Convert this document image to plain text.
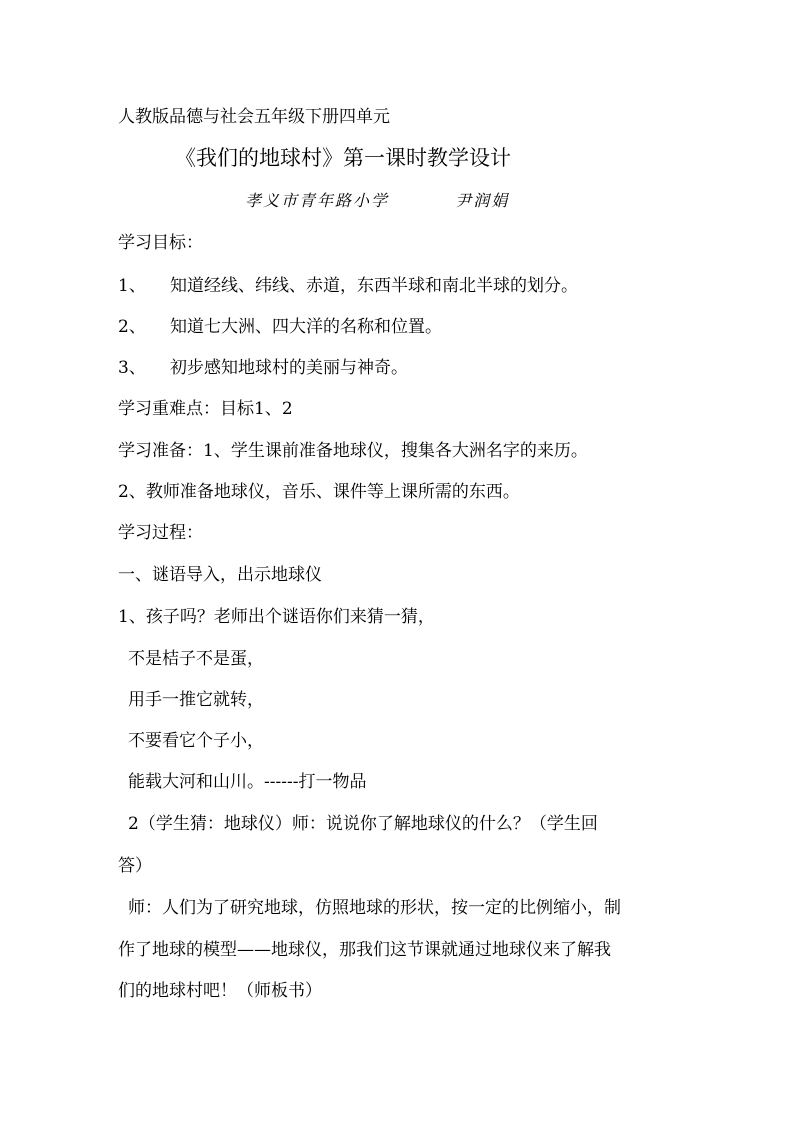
人教版品德与社会五年级下册四单元
《我们的地球村》第一课时教学设计
孝义市青年路小学	尹润娟
学习目标：
1、 知道经线、纬线、赤道，东西半球和南北半球的划分。
2、 知道七大洲、四大洋的名称和位置。
3、 初步感知地球村的美丽与神奇。
学习重难点：目标1、2
学习准备：1、学生课前准备地球仪，搜集各大洲名字的来历。
2、教师准备地球仪，音乐、课件等上课所需的东西。
学习过程：
一、谜语导入，出示地球仪
1、孩子吗？老师出个谜语你们来猜一猜，
不是桔子不是蛋，
用手一推它就转，
不要看它个子小，
能载大河和山川。------打一物品
2（学生猜：地球仪）师：说说你了解地球仪的什么？（学生回
答）
师：人们为了研究地球，仿照地球的形状，按一定的比例缩小，制
作了地球的模型——地球仪，那我们这节课就通过地球仪来了解我
们的地球村吧！（师板书）
